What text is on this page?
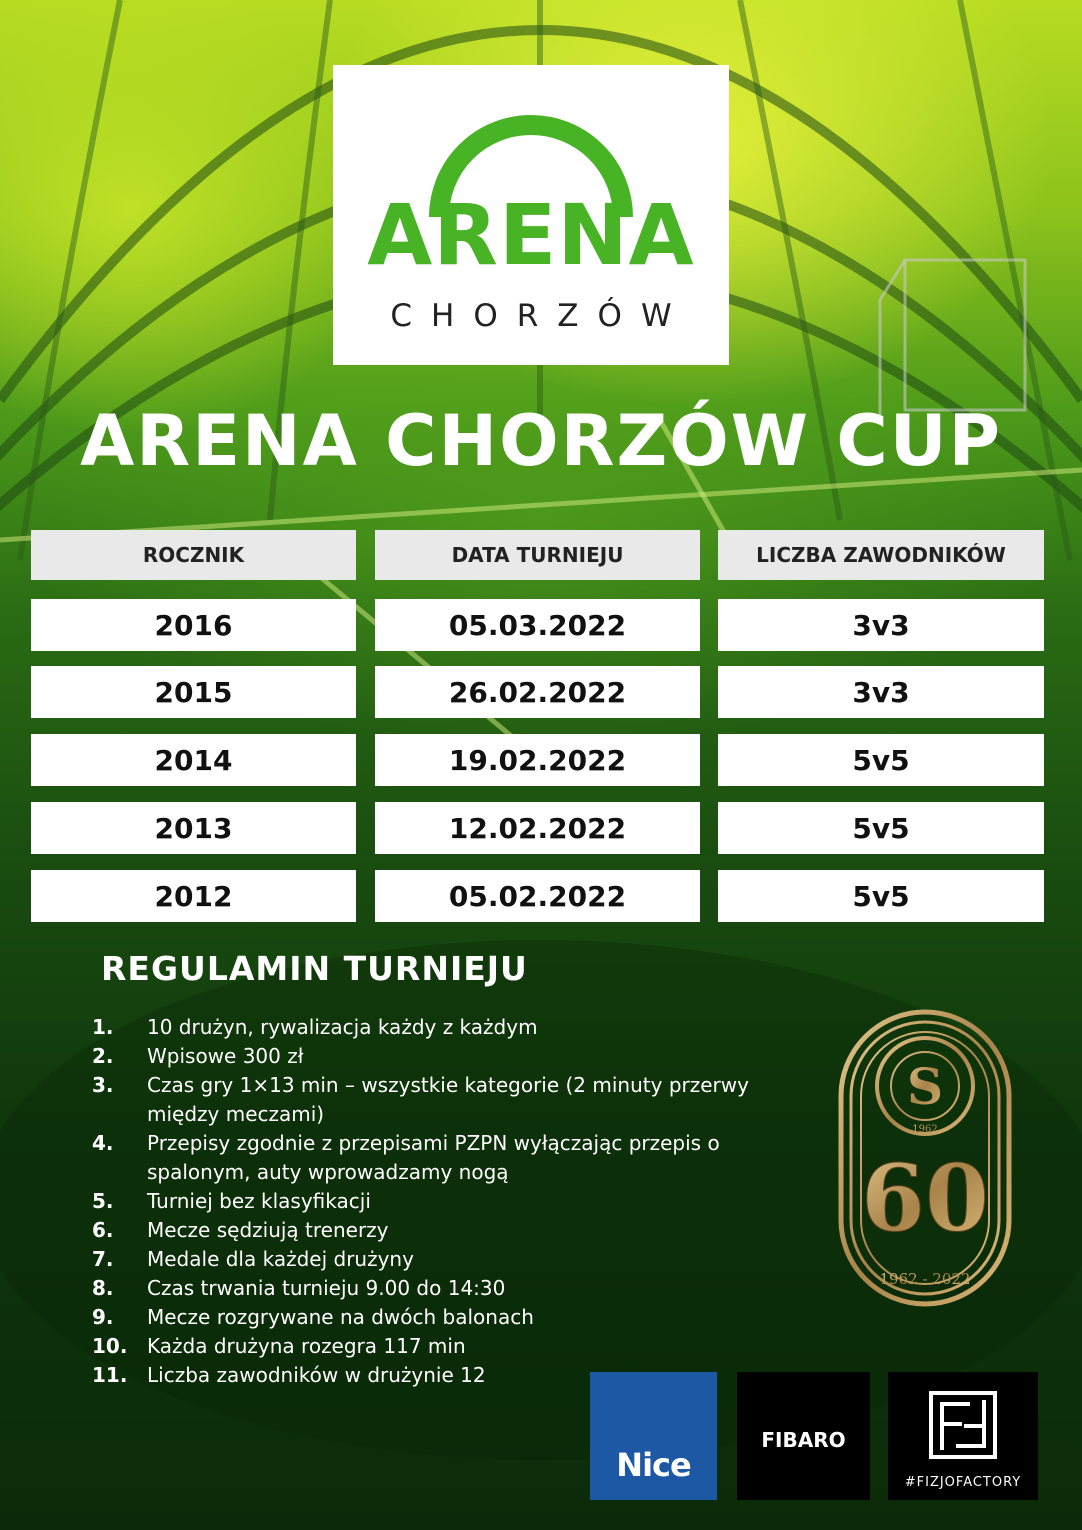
ARENA
CHORZÓW
ARENA CHORZÓW CUP
ROCZNIK	DATA TURNIEJU	LICZBA ZAWODNIKÓW
2016	05.03.2022	3v3
2015	26.02.2022	3v3
2014	19.02.2022	5v5
2013	12.02.2022	5v5
2012	05.02.2022	5v5
REGULAMIN TURNIEJU
1.	10 drużyn, rywalizacja każdy z każdym
2.	Wpisowe 300 zł
3.	Czas gry 1×13 min – wszystkie kategorie (2 minuty przerwy między meczami)
4.	Przepisy zgodnie z przepisami PZPN wyłączając przepis o spalonym, auty wprowadzamy nogą
5.	Turniej bez klasyfikacji
6.	Mecze sędziują trenerzy
7.	Medale dla każdej drużyny
8.	Czas trwania turnieju 9.00 do 14:30
9.	Mecze rozgrywane na dwóch balonach
10. Każda drużyna rozegra 117 min
11. Liczba zawodników w drużynie 12
S
1962
60
1962 - 2022
Nice
FIBARO
#FIZJOFACTORY
